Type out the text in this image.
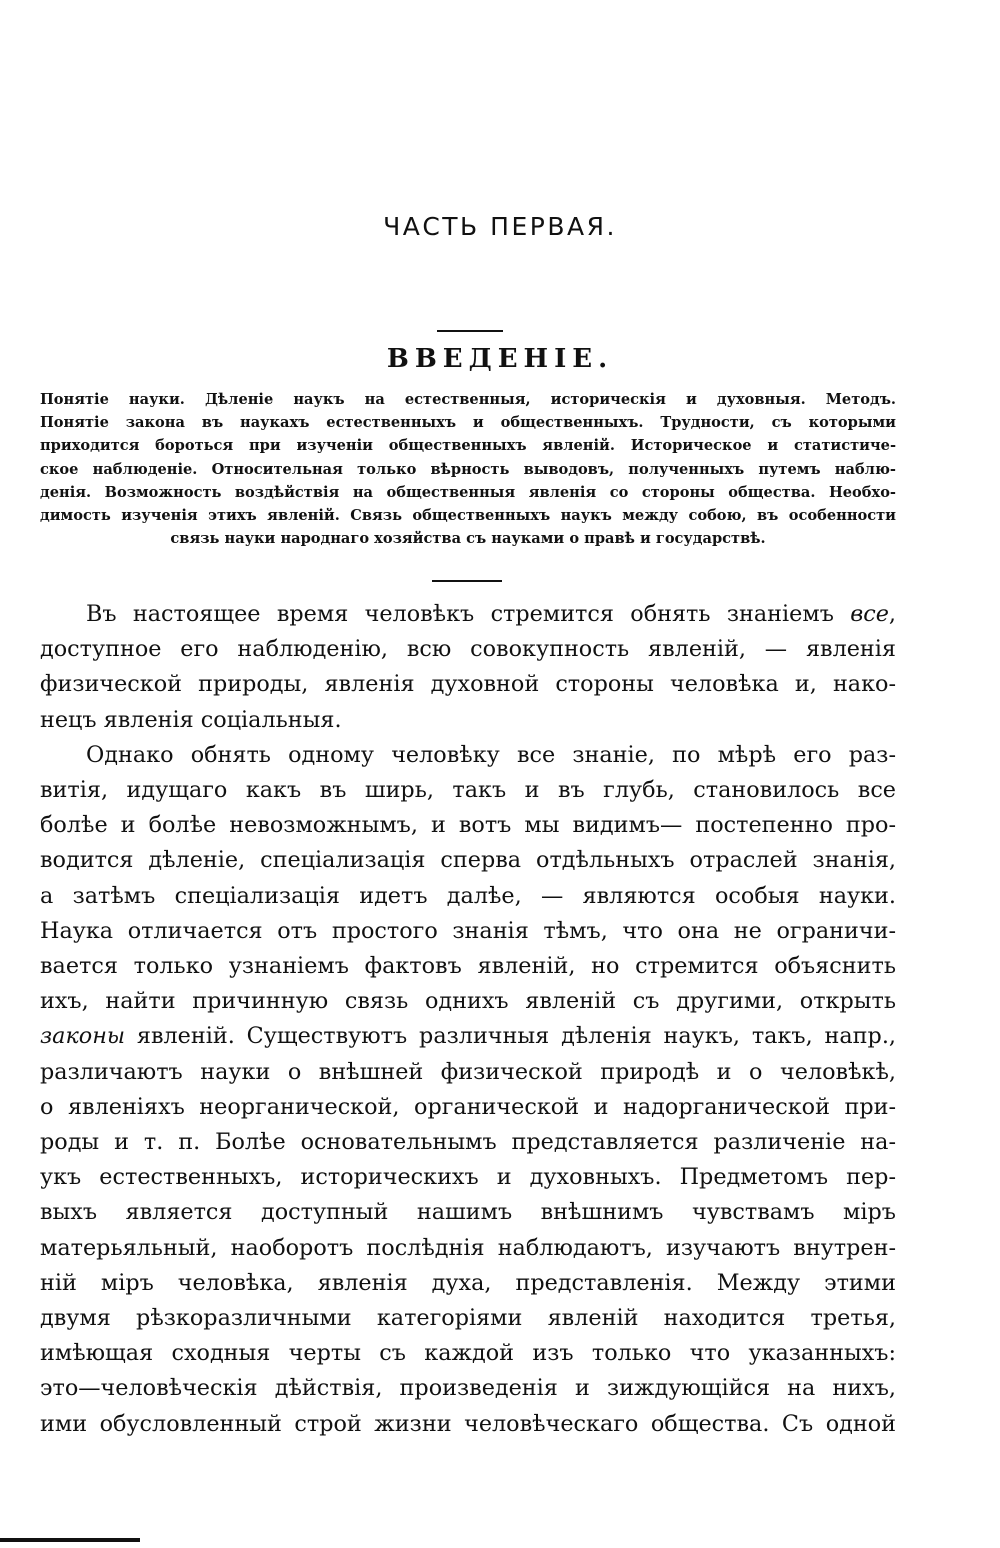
ЧАСТЬ ПЕРВАЯ.
ВВЕДЕНІЕ.
Понятіе науки. Дѣленіе наукъ на естественныя, историческія и духовныя. Методъ.
Понятіе закона въ наукахъ естественныхъ и общественныхъ. Трудности, съ которыми
приходится бороться при изученіи общественныхъ явленій. Историческое и статистиче-
ское наблюденіе. Относительная только вѣрность выводовъ, полученныхъ путемъ наблю-
денія. Возможность воздѣйствія на общественныя явленія со стороны общества. Необхо-
димость изученія этихъ явленій. Связь общественныхъ наукъ между собою, въ особенности
связь науки народнаго хозяйства съ науками о правѣ и государствѣ.
Въ настоящее время человѣкъ стремится обнять знаніемъ все,
доступное его наблюденію, всю совокупность явленій, — явленія
физической природы, явленія духовной стороны человѣка и, нако-
нецъ явленія соціальныя.
Однако обнять одному человѣку все знаніе, по мѣрѣ его раз-
витія, идущаго какъ въ ширь, такъ и въ глубь, становилось все
болѣе и болѣе невозможнымъ, и вотъ мы видимъ— постепенно про-
водится дѣленіе, спеціализація сперва отдѣльныхъ отраслей знанія,
а затѣмъ спеціализація идетъ далѣе, — являются особыя науки.
Наука отличается отъ простого знанія тѣмъ, что она не ограничи-
вается только узнаніемъ фактовъ явленій, но стремится объяснить
ихъ, найти причинную связь однихъ явленій съ другими, открыть
законы явленій. Существуютъ различныя дѣленія наукъ, такъ, напр.,
различаютъ науки о внѣшней физической природѣ и о человѣкѣ,
о явленіяхъ неорганической, органической и надорганической при-
роды и т. п. Болѣе основательнымъ представляется различеніе на-
укъ естественныхъ, историческихъ и духовныхъ. Предметомъ пер-
выхъ является доступный нашимъ внѣшнимъ чувствамъ міръ
матерьяльный, наоборотъ послѣднія наблюдаютъ, изучаютъ внутрен-
ній міръ человѣка, явленія духа, представленія. Между этими
двумя рѣзкоразличными категоріями явленій находится третья,
имѣющая сходныя черты съ каждой изъ только что указанныхъ:
это—человѣческія дѣйствія, произведенія и зиждующійся на нихъ,
ими обусловленный строй жизни человѣческаго общества. Съ одной
